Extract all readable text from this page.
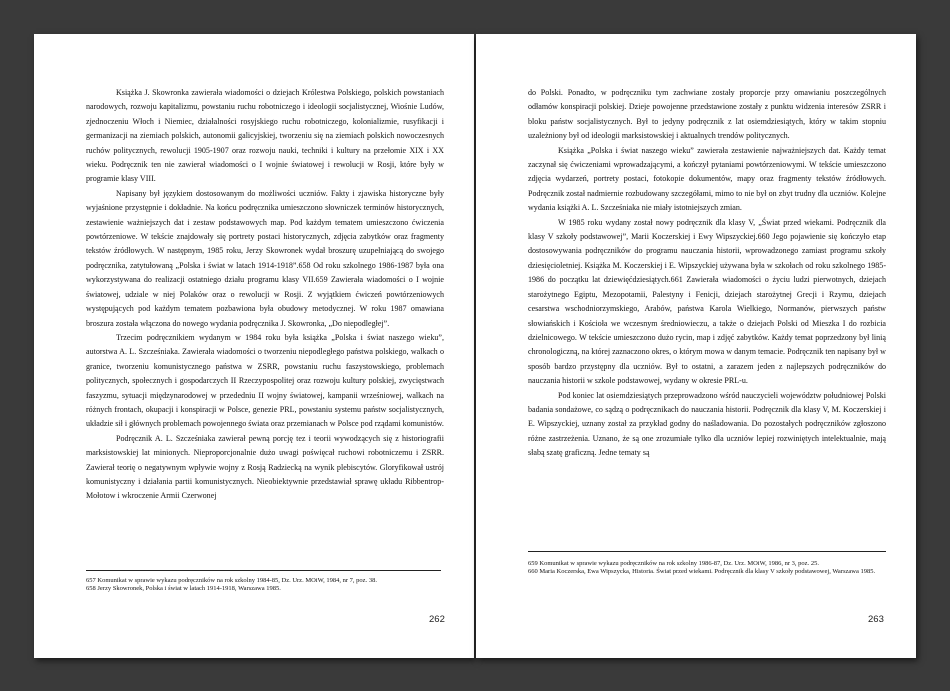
Książka J. Skowronka zawierała wiadomości o dziejach Królestwa Polskiego, polskich powstaniach narodowych, rozwoju kapitalizmu, powstaniu ruchu robotniczego i ideologii socjalistycznej, Wiośnie Ludów, zjednoczeniu Włoch i Niemiec, działalności rosyjskiego ruchu robotniczego, kolonializmie, rusyfikacji i germanizacji na ziemiach polskich, autonomii galicyjskiej, tworzeniu się na ziemiach polskich nowoczesnych ruchów politycznych, rewolucji 1905-1907 oraz rozwoju nauki, techniki i kultury na przełomie XIX i XX wieku. Podręcznik ten nie zawierał wiadomości o I wojnie światowej i rewolucji w Rosji, które były w programie klasy VIII.

Napisany był językiem dostosowanym do możliwości uczniów. Fakty i zjawiska historyczne były wyjaśnione przystępnie i dokładnie. Na końcu podręcznika umieszczono słowniczek terminów historycznych, zestawienie ważniejszych dat i zestaw podstawowych map. Pod każdym tematem umieszczono ćwiczenia powtórzeniowe. W tekście znajdowały się portrety postaci historycznych, zdjęcia zabytków oraz fragmenty tekstów źródłowych. W następnym, 1985 roku, Jerzy Skowronek wydał broszurę uzupełniającą do swojego podręcznika, zatytułowaną „Polska i świat w latach 1914-1918”.658 Od roku szkolnego 1986-1987 była ona wykorzystywana do realizacji ostatniego działu programu klasy VII.659 Zawierała wiadomości o I wojnie światowej, udziale w niej Polaków oraz o rewolucji w Rosji. Z wyjątkiem ćwiczeń powtórzeniowych występujących pod każdym tematem pozbawiona była obudowy metodycznej. W roku 1987 omawiana broszura została włączona do nowego wydania podręcznika J. Skowronka, „Do niepodległej”.

Trzecim podręcznikiem wydanym w 1984 roku była książka „Polska i świat naszego wieku”, autorstwa A. L. Szcześniaka. Zawierała wiadomości o tworzeniu niepodległego państwa polskiego, walkach o granice, tworzeniu komunistycznego państwa w ZSRR, powstaniu ruchu faszystowskiego, problemach politycznych, społecznych i gospodarczych II Rzeczypospolitej oraz rozwoju kultury polskiej, zwycięstwach faszyzmu, sytuacji międzynarodowej w przededniu II wojny światowej, kampanii wrześniowej, walkach na różnych frontach, okupacji i konspiracji w Polsce, genezie PRL, powstaniu systemu państw socjalistycznych, układzie sił i głównych problemach powojennego świata oraz przemianach w Polsce pod rządami komunistów.

Podręcznik A. L. Szcześniaka zawierał pewną porcję tez i teorii wywodzących się z historiografii marksistowskiej lat minionych. Nieproporcjonalnie dużo uwagi poświęcał ruchowi robotniczemu i ZSRR. Zawierał teorię o negatywnym wpływie wojny z Rosją Radziecką na wynik plebiscytów. Gloryfikował ustrój komunistyczny i działania partii komunistycznych. Nieobiektywnie przedstawiał sprawę układu Ribbentrop-Mołotow i wkroczenie Armii Czerwonej

657 Komunikat w sprawie wykazu podręczników na rok szkolny 1984-85, Dz. Urz. MOiW, 1984, nr 7, poz. 38.
658 Jerzy Skowronek, Polska i świat w latach 1914-1918, Warszawa 1985.
262

do Polski. Ponadto, w podręczniku tym zachwiane zostały proporcje przy omawianiu poszczególnych odłamów konspiracji polskiej. Dzieje powojenne przedstawione zostały z punktu widzenia interesów ZSRR i bloku państw socjalistycznych. Był to jedyny podręcznik z lat osiemdziesiątych, który w takim stopniu uzależniony był od ideologii marksistowskiej i aktualnych trendów politycznych.

Książka „Polska i świat naszego wieku” zawierała zestawienie najważniejszych dat. Każdy temat zaczynał się ćwiczeniami wprowadzającymi, a kończył pytaniami powtórzeniowymi. W tekście umieszczono zdjęcia wydarzeń, portrety postaci, fotokopie dokumentów, mapy oraz fragmenty tekstów źródłowych. Podręcznik został nadmiernie rozbudowany szczegółami, mimo to nie był on zbyt trudny dla uczniów. Kolejne wydania książki A. L. Szcześniaka nie miały istotniejszych zmian.

W 1985 roku wydany został nowy podręcznik dla klasy V, „Świat przed wiekami. Podręcznik dla klasy V szkoły podstawowej”, Marii Koczerskiej i Ewy Wipszyckiej.660 Jego pojawienie się kończyło etap dostosowywania podręczników do programu nauczania historii, wprowadzonego zamiast programu szkoły dziesięcioletniej. Książka M. Koczerskiej i E. Wipszyckiej używana była w szkołach od roku szkolnego 1985-1986 do początku lat dziewięćdziesiątych.661 Zawierała wiadomości o życiu ludzi pierwotnych, dziejach starożytnego Egiptu, Mezopotamii, Palestyny i Fenicji, dziejach starożytnej Grecji i Rzymu, dziejach cesarstwa wschodniorzymskiego, Arabów, państwa Karola Wielkiego, Normanów, pierwszych państw słowiańskich i Kościoła we wczesnym średniowieczu, a także o dziejach Polski od Mieszka I do rozbicia dzielnicowego. W tekście umieszczono dużo rycin, map i zdjęć zabytków. Każdy temat poprzedzony był linią chronologiczną, na której zaznaczono okres, o którym mowa w danym temacie. Podręcznik ten napisany był w sposób bardzo przystępny dla uczniów. Był to ostatni, a zarazem jeden z najlepszych podręczników do nauczania historii w szkole podstawowej, wydany w okresie PRL-u.

Pod koniec lat osiemdziesiątych przeprowadzono wśród nauczycieli województw południowej Polski badania sondażowe, co sądzą o podręcznikach do nauczania historii. Podręcznik dla klasy V, M. Koczerskiej i E. Wipszyckiej, uznany został za przykład godny do naśladowania. Do pozostałych podręczników zgłoszono różne zastrzeżenia. Uznano, że są one zrozumiałe tylko dla uczniów lepiej rozwiniętych intelektualnie, mają słabą szatę graficzną. Jedne tematy są

659 Komunikat w sprawie wykazu podręczników na rok szkolny 1986-87, Dz. Urz. MOiW, 1986, nr 3, poz. 25.
660 Maria Koczerska, Ewa Wipszycka, Historia. Świat przed wiekami. Podręcznik dla klasy V szkoły podstawowej, Warszawa 1985.
263
